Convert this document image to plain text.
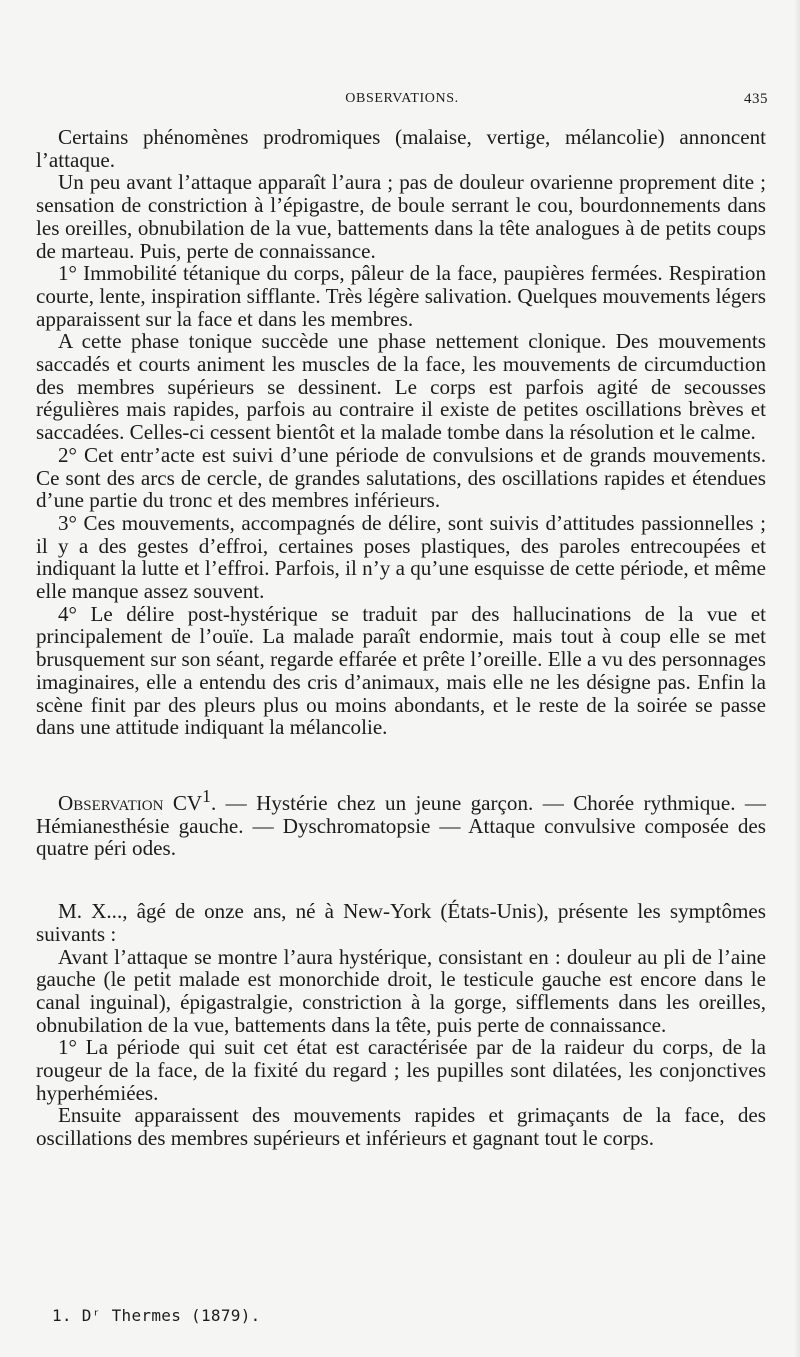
OBSERVATIONS.	435

Certains phénomènes prodromiques (malaise, vertige, mélancolie) annoncent l’attaque.

Un peu avant l’attaque apparaît l’aura ; pas de douleur ovarienne proprement dite ; sensation de constriction à l’épigastre, de boule serrant le cou, bourdonnements dans les oreilles, obnubilation de la vue, battements dans la tête analogues à de petits coups de marteau. Puis, perte de connaissance.

1° Immobilité tétanique du corps, pâleur de la face, paupières fermées. Respiration courte, lente, inspiration sifflante. Très légère salivation. Quelques mouvements légers apparaissent sur la face et dans les membres.

A cette phase tonique succède une phase nettement clonique. Des mouvements saccadés et courts animent les muscles de la face, les mouvements de circumduction des membres supérieurs se dessinent. Le corps est parfois agité de secousses régulières mais rapides, parfois au contraire il existe de petites oscillations brèves et saccadées. Celles-ci cessent bientôt et la malade tombe dans la résolution et le calme.

2° Cet entr’acte est suivi d’une période de convulsions et de grands mouvements. Ce sont des arcs de cercle, de grandes salutations, des oscillations rapides et étendues d’une partie du tronc et des membres inférieurs.

3° Ces mouvements, accompagnés de délire, sont suivis d’attitudes passionnelles ; il y a des gestes d’effroi, certaines poses plastiques, des paroles entrecoupées et indiquant la lutte et l’effroi. Parfois, il n’y a qu’une esquisse de cette période, et même elle manque assez souvent.

4° Le délire post-hystérique se traduit par des hallucinations de la vue et principalement de l’ouïe. La malade paraît endormie, mais tout à coup elle se met brusquement sur son séant, regarde effarée et prête l’oreille. Elle a vu des personnages imaginaires, elle a entendu des cris d’animaux, mais elle ne les désigne pas. Enfin la scène finit par des pleurs plus ou moins abondants, et le reste de la soirée se passe dans une attitude indiquant la mélancolie.

Observation $CV^1$. — Hystérie chez un jeune garçon. — Chorée rythmique. — Hémianesthésie gauche. — Dyschromatopsie — Attaque convulsive composée des quatre péri odes.

M. X..., âgé de onze ans, né à New-York (États-Unis), présente les symptômes suivants :

Avant l’attaque se montre l’aura hystérique, consistant en : douleur au pli de l’aine gauche (le petit malade est monorchide droit, le testicule gauche est encore dans le canal inguinal), épigastralgie, constriction à la gorge, sifflements dans les oreilles, obnubilation de la vue, battements dans la tête, puis perte de connaissance.

1° La période qui suit cet état est caractérisée par de la raideur du corps, de la rougeur de la face, de la fixité du regard ; les pupilles sont dilatées, les conjonctives hyperhémiées.

Ensuite apparaissent des mouvements rapides et grimaçants de la face, des oscillations des membres supérieurs et inférieurs et gagnant tout le corps.

1. Dʳ Thermes (1879).
